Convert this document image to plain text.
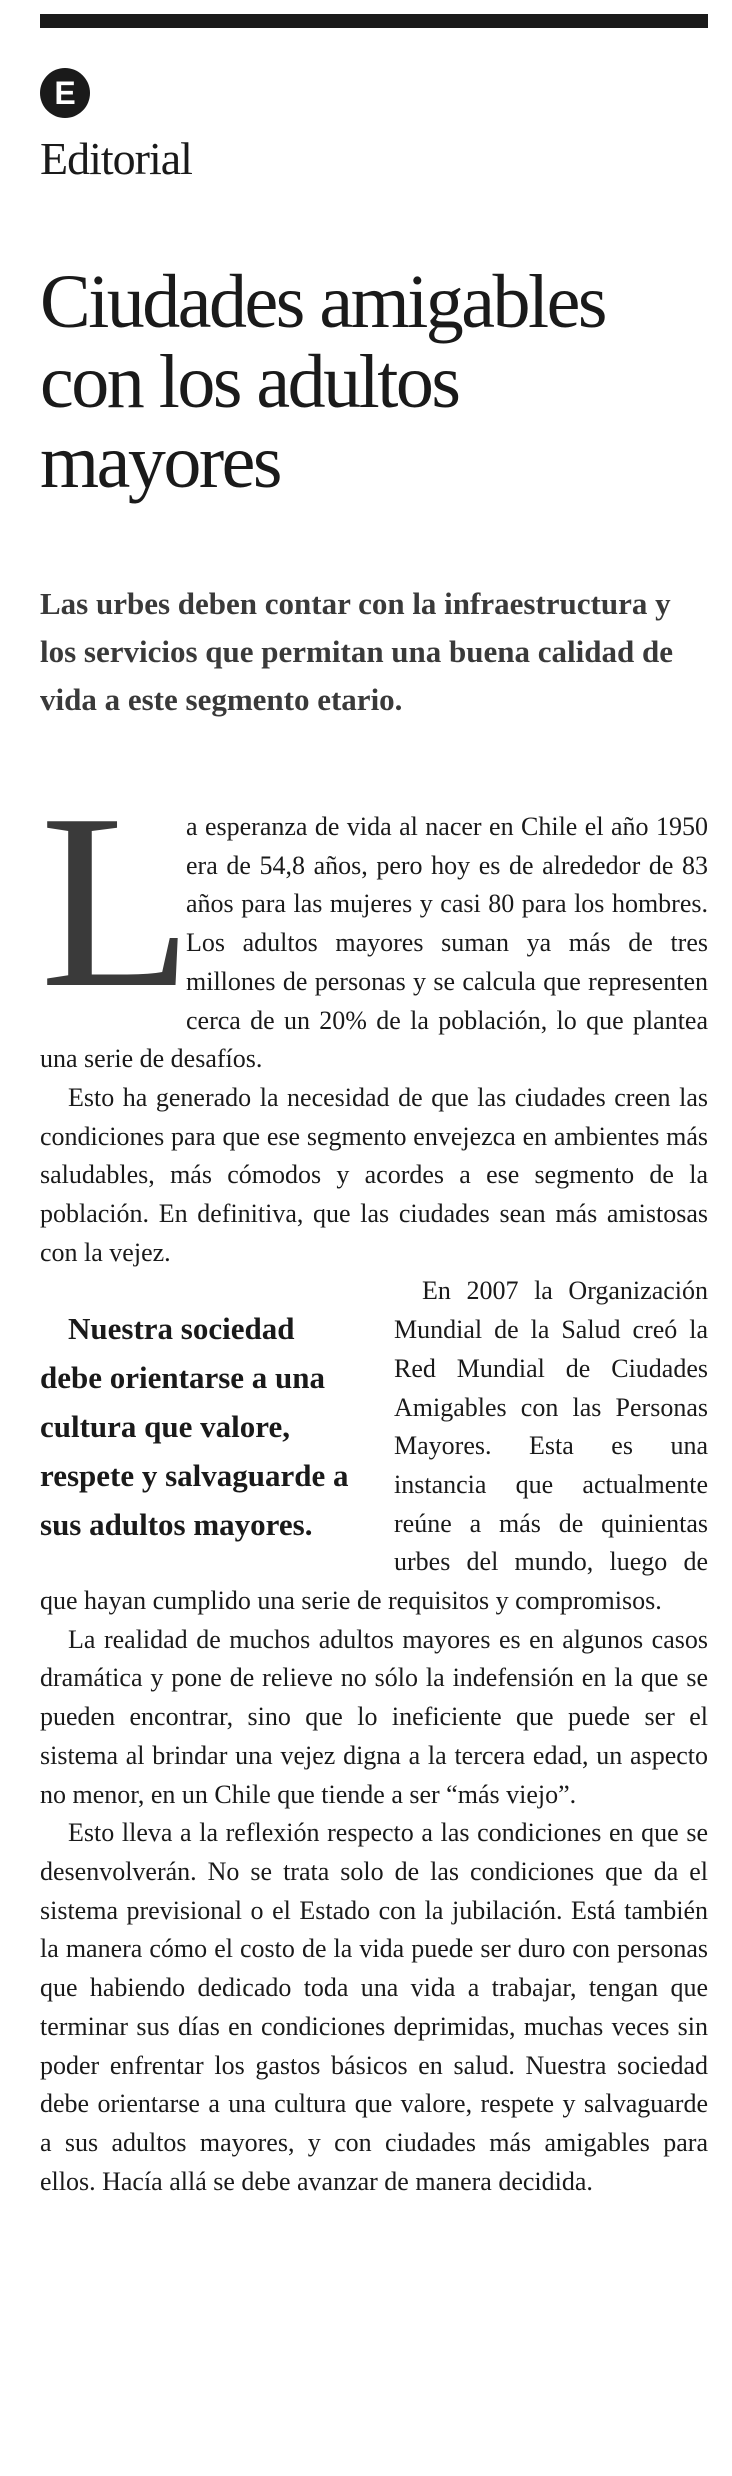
E
Editorial
Ciudades amigables con los adultos mayores

Las urbes deben contar con la infraestructura y los servicios que permitan una buena calidad de vida a este segmento etario.

L
a esperanza de vida al nacer en Chile el año 1950 era de 54,8 años, pero hoy es de alrededor de 83 años para las mujeres y casi 80 para los hombres. Los adultos mayores suman ya más de tres millones de personas y se calcula que representen cerca de un 20% de la población, lo que plantea una serie de desafíos.

Esto ha generado la necesidad de que las ciudades creen las condiciones para que ese segmento envejezca en ambientes más saludables, más cómodos y acordes a ese segmento de la población. En definitiva, que las ciudades sean más amistosas con la vejez.

Nuestra sociedad debe orientarse a una cultura que valore, respete y salvaguarde a sus adultos mayores.
En 2007 la Organización Mundial de la Salud creó la Red Mundial de Ciudades Amigables con las Personas Mayores. Esta es una instancia que actualmente reúne a más de quinientas urbes del mundo, luego de que hayan cumplido una serie de requisitos y compromisos.

La realidad de muchos adultos mayores es en algunos casos dramática y pone de relieve no sólo la indefensión en la que se pueden encontrar, sino que lo ineficiente que puede ser el sistema al brindar una vejez digna a la tercera edad, un aspecto no menor, en un Chile que tiende a ser “más viejo”.

Esto lleva a la reflexión respecto a las condiciones en que se desenvolverán. No se trata solo de las condiciones que da el sistema previsional o el Estado con la jubilación. Está también la manera cómo el costo de la vida puede ser duro con personas que habiendo dedicado toda una vida a trabajar, tengan que terminar sus días en condiciones deprimidas, muchas veces sin poder enfrentar los gastos básicos en salud. Nuestra sociedad debe orientarse a una cultura que valore, respete y salvaguarde a sus adultos mayores, y con ciudades más amigables para ellos. Hacía allá se debe avanzar de manera decidida.
